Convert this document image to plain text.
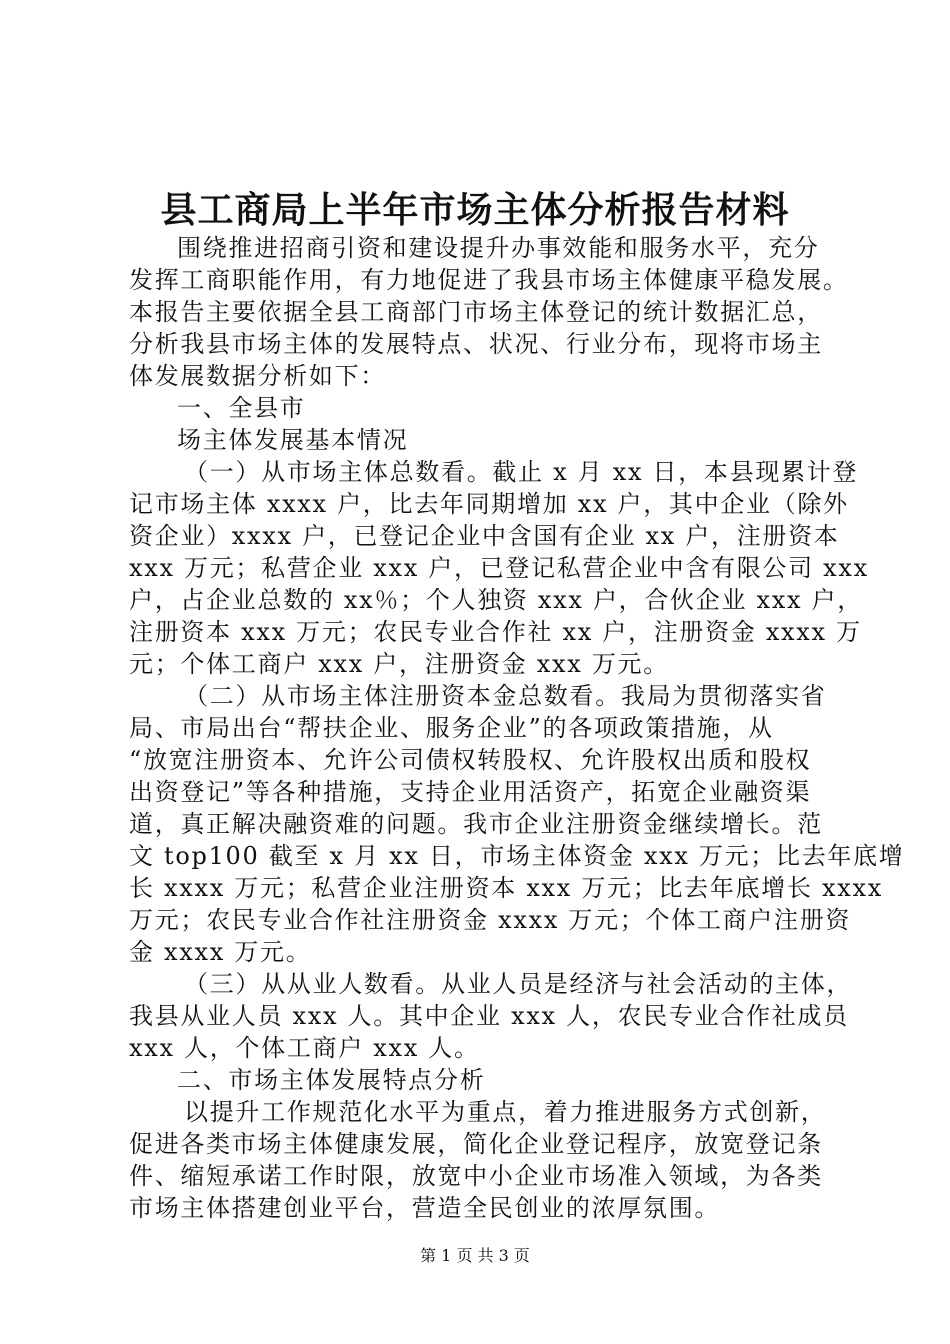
县工商局上半年市场主体分析报告材料
围绕推进招商引资和建设提升办事效能和服务水平，充分
发挥工商职能作用，有力地促进了我县市场主体健康平稳发展。
本报告主要依据全县工商部门市场主体登记的统计数据汇总，
分析我县市场主体的发展特点、状况、行业分布，现将市场主
体发展数据分析如下：
一、全县市
场主体发展基本情况
（一）从市场主体总数看。截止 x 月 xx 日，本县现累计登
记市场主体 xxxx 户，比去年同期增加 xx 户，其中企业（除外
资企业）xxxx 户，已登记企业中含国有企业 xx 户，注册资本
xxx 万元；私营企业 xxx 户，已登记私营企业中含有限公司 xxx
户，占企业总数的 xx％；个人独资 xxx 户，合伙企业 xxx 户，
注册资本 xxx 万元；农民专业合作社 xx 户，注册资金 xxxx 万
元；个体工商户 xxx 户，注册资金 xxx 万元。
（二）从市场主体注册资本金总数看。我局为贯彻落实省
局、市局出台“帮扶企业、服务企业”的各项政策措施，从
“放宽注册资本、允许公司债权转股权、允许股权出质和股权
出资登记”等各种措施，支持企业用活资产，拓宽企业融资渠
道，真正解决融资难的问题。我市企业注册资金继续增长。范
文 top100 截至 x 月 xx 日，市场主体资金 xxx 万元；比去年底增
长 xxxx 万元；私营企业注册资本 xxx 万元；比去年底增长 xxxx
万元；农民专业合作社注册资金 xxxx 万元；个体工商户注册资
金 xxxx 万元。
（三）从从业人数看。从业人员是经济与社会活动的主体，
我县从业人员 xxx 人。其中企业 xxx 人，农民专业合作社成员
xxx 人，个体工商户 xxx 人。
二、市场主体发展特点分析
以提升工作规范化水平为重点，着力推进服务方式创新，
促进各类市场主体健康发展，简化企业登记程序，放宽登记条
件、缩短承诺工作时限，放宽中小企业市场准入领域，为各类
市场主体搭建创业平台，营造全民创业的浓厚氛围。
第 1 页 共 3 页
